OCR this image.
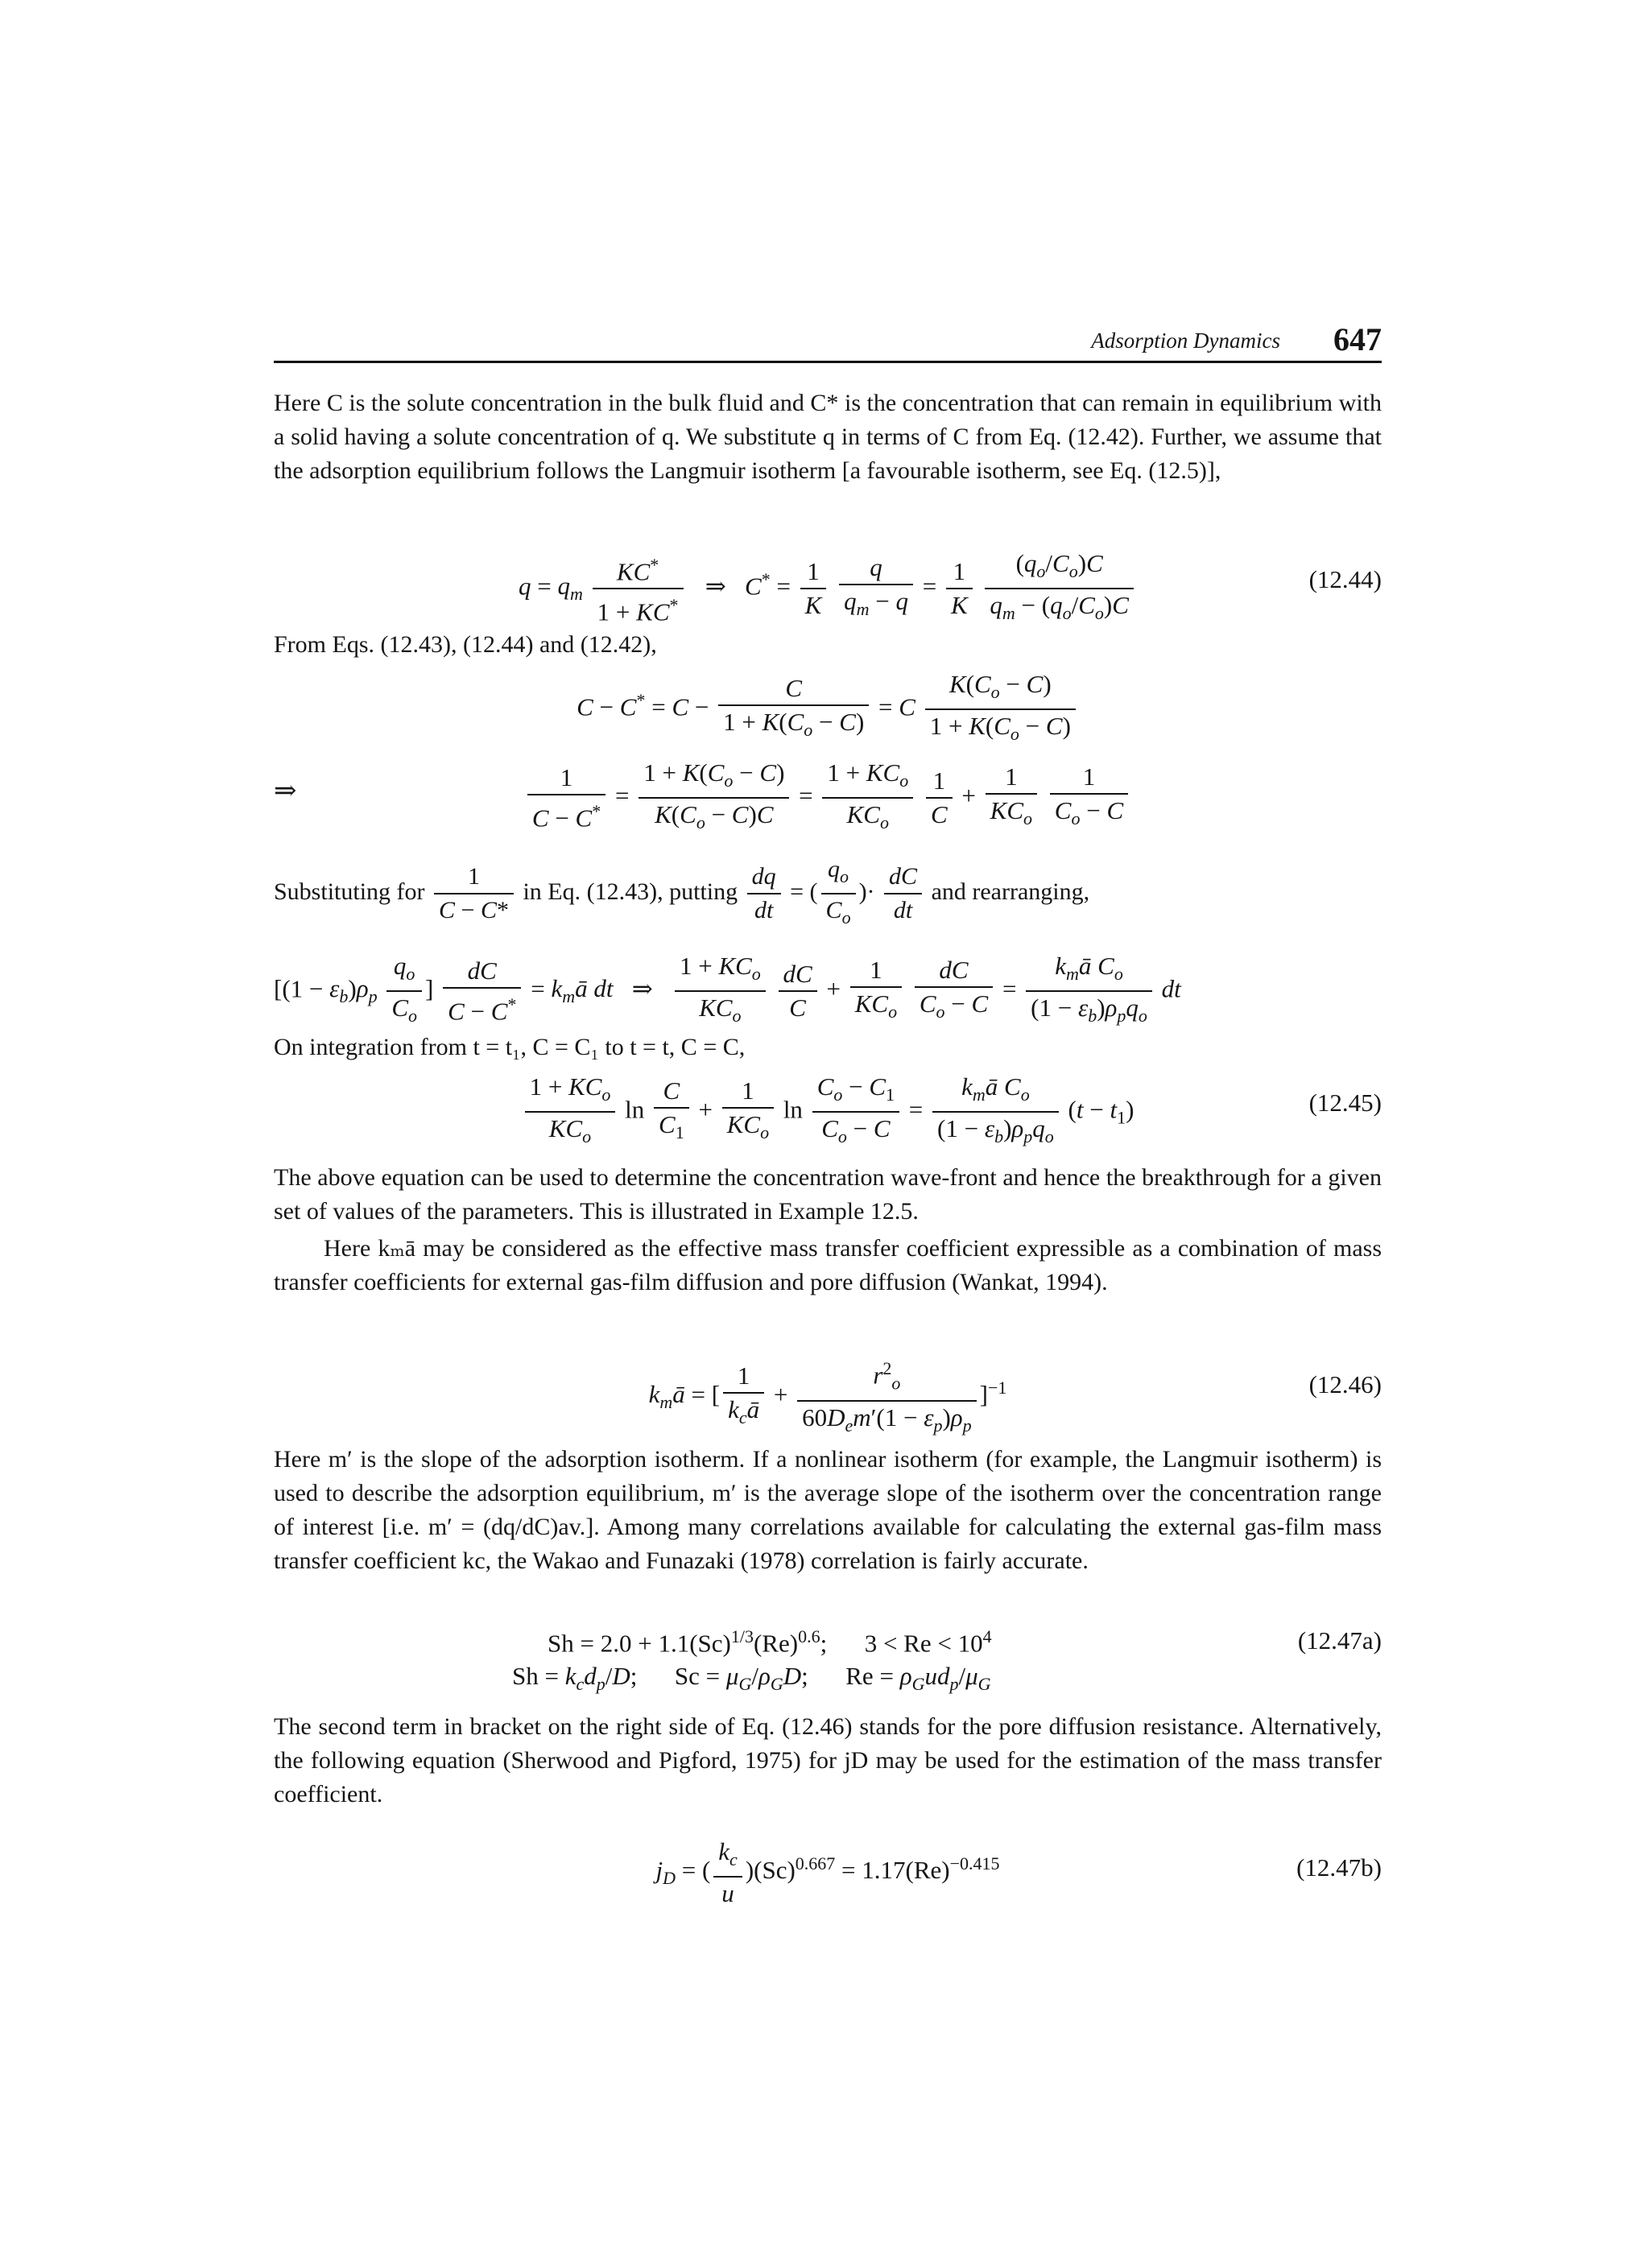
Adsorption Dynamics 647
Here C is the solute concentration in the bulk fluid and C* is the concentration that can remain in equilibrium with a solid having a solute concentration of q. We substitute q in terms of C from Eq. (12.42). Further, we assume that the adsorption equilibrium follows the Langmuir isotherm [a favourable isotherm, see Eq. (12.5)],
$q = q_m \frac{KC^*}{1 + KC^*}$ ⇒ $C^* = \frac{1}{K}$
$\frac{q}{q_m - q} = \frac{1}{K}$
$\frac{(q_o/C_o)C}{q_m - (q_o/C_o)C}$	(12.44)
From Eqs. (12.43), (12.44) and (12.42),
$C - C^* = C - \frac{C}{1 + K(C_o - C)} = C \frac{K(C_o - C)}{1 + K(C_o - C)}$
⇒	$\frac{1}{C - C^*} = \frac{1 + K(C_o - C)}{K(C_o - C)C}$ =
$1 + KC_o$
$KC_o$
	$\frac{1}{C}$ +
1
$KC_o$
$\frac{1}{C_o - C}$
Substituting for $\frac{1}{C - C*}$ in Eq. (12.43), putting $\frac{dq}{dt}$ = ( $\frac{q_o}{C_o}$ )· $\frac{dC}{dt}$ and rearranging,
[$(1 - \varepsilon_b)\rho_p \frac{q_o}{C_o}$ ] $\frac{dC}{C - C^*}$ = $k_mā$ dt ⇒
$1 + KC_o$
$KC_o$
	$\frac{dC}{C}$ +
1
$KC_o$
$\frac{dC}{C_o - C}$ =
$k_mā$ $C_o$
$(1 - \varepsilon_b)\rho_pq_o$
dt
On integration from t = t₁, C = C₁ to t = t, C = C,
$1 + KC_o$
$KC_o$
$\ln \frac{C}{C_1}$ +
1
$KC_o$
$\ln \frac{C_o - C_1}{C_o - C}$ =
$k_mā$ $C_o$
$(1 - \varepsilon_b)\rho_pq_o$
$(t - t_1)$	(12.45)
The above equation can be used to determine the concentration wave-front and hence the breakthrough for a given set of values of the parameters. This is illustrated in Example 12.5.
Here kₘā may be considered as the effective mass transfer coefficient expressible as a combination of mass transfer coefficients for external gas-film diffusion and pore diffusion (Wankat, 1994).
$k_mā$ = [
1
$k_cā$
+
$r^2_o$
$60D_em'(1 - \varepsilon_p)\rho_p$
]$^{-1}$	(12.46)
Here m′ is the slope of the adsorption isotherm. If a nonlinear isotherm (for example, the Langmuir isotherm) is used to describe the adsorption equilibrium, m′ is the average slope of the isotherm over the concentration range of interest [i.e. m′ = (dq/dC)av.]. Among many correlations available for calculating the external gas-film mass transfer coefficient kc, the Wakao and Funazaki (1978) correlation is fairly accurate.
$Sh = 2.0 + 1.1(Sc)^{1/3}(Re)^{0.6}$;      $3 < Re < 10^4$	(12.47a)
$Sh = k_cd_p/D$;      $Sc = \mu_G/\rho_GD$;      $Re = \rho_Gud_p/\mu_G$
The second term in bracket on the right side of Eq. (12.46) stands for the pore diffusion resistance. Alternatively, the following equation (Sherwood and Pigford, 1975) for jD may be used for the estimation of the mass transfer coefficient.
$j_D$ = ( $\frac{k_c}{u} )(Sc)^{0.667} = 1.17(Re)^{-0.415}$	(12.47b)
